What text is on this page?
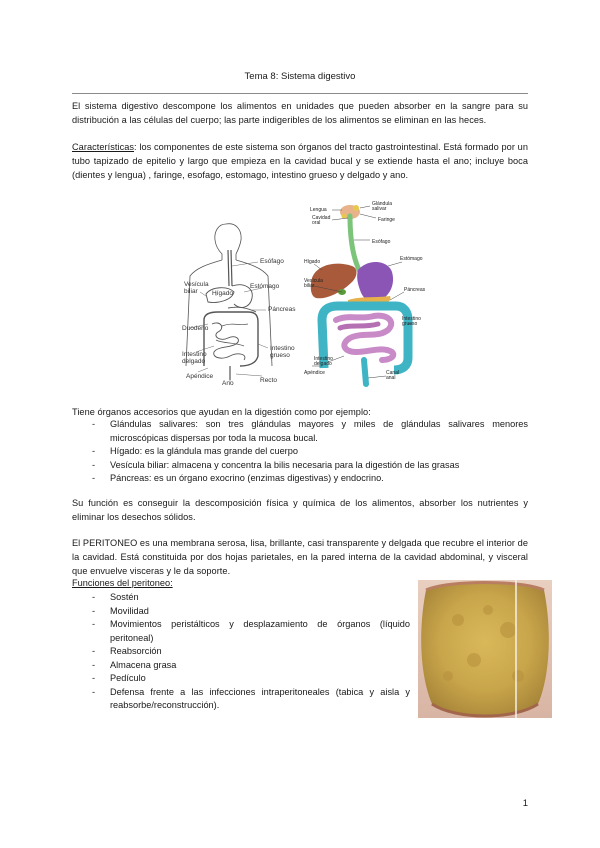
Tema 8: Sistema digestivo
El sistema digestivo descompone los alimentos en unidades que pueden absorber en la sangre para su distribución a las células del cuerpo; las parte indigeribles de los alimentos se eliminan en las heces.
Características: los componentes de este sistema son órganos del tracto gastrointestinal. Está formado por un tubo tapizado de epitelio y largo que empieza en la cavidad bucal y se extiende hasta el ano; incluye boca (dientes y lengua) , faringe, esofago, estomago, intestino grueso y delgado y ano.
Esófago
Vesícula biliar	Hígado
Estómago
Páncreas
Duodeno
Intestino delgado
Intestino grueso
Apéndice
Ano	Recto
Lengua
Glándula salivar
Cavidad oral	Faringe
Esófago
Estómago
Hígado
Vesícula biliar
Páncreas
Intestino grueso
Intestino delgado
Apéndice	Canal anal
Tiene órganos accesorios que ayudan en la digestión como por ejemplo:
- Glándulas salivares: son tres glándulas mayores y miles de glándulas salivares menores microscópicas dispersas por toda la mucosa bucal.
- Hígado: es la glándula mas grande del cuerpo
- Vesícula biliar: almacena y concentra la bilis necesaria para la digestión de las grasas
- Páncreas: es un órgano exocrino (enzimas digestivas) y endocrino.
Su función es conseguir la descomposición física y química de los alimentos, absorber los nutrientes y eliminar los desechos sólidos.
El PERITONEO es una membrana serosa, lisa, brillante, casi transparente y delgada que recubre el interior de la cavidad. Está constituida por dos hojas parietales, en la pared interna de la cavidad abdominal, y visceral que envuelve visceras y le da soporte.
Funciones del peritoneo:
- Sostén
- Movilidad
- Movimientos peristálticos y desplazamiento de órganos (líquido peritoneal)
- Reabsorción
- Almacena grasa
- Pedículo
- Defensa frente a las infecciones intraperitoneales (tabica y aisla y reabsorbe/reconstrucción).
1
